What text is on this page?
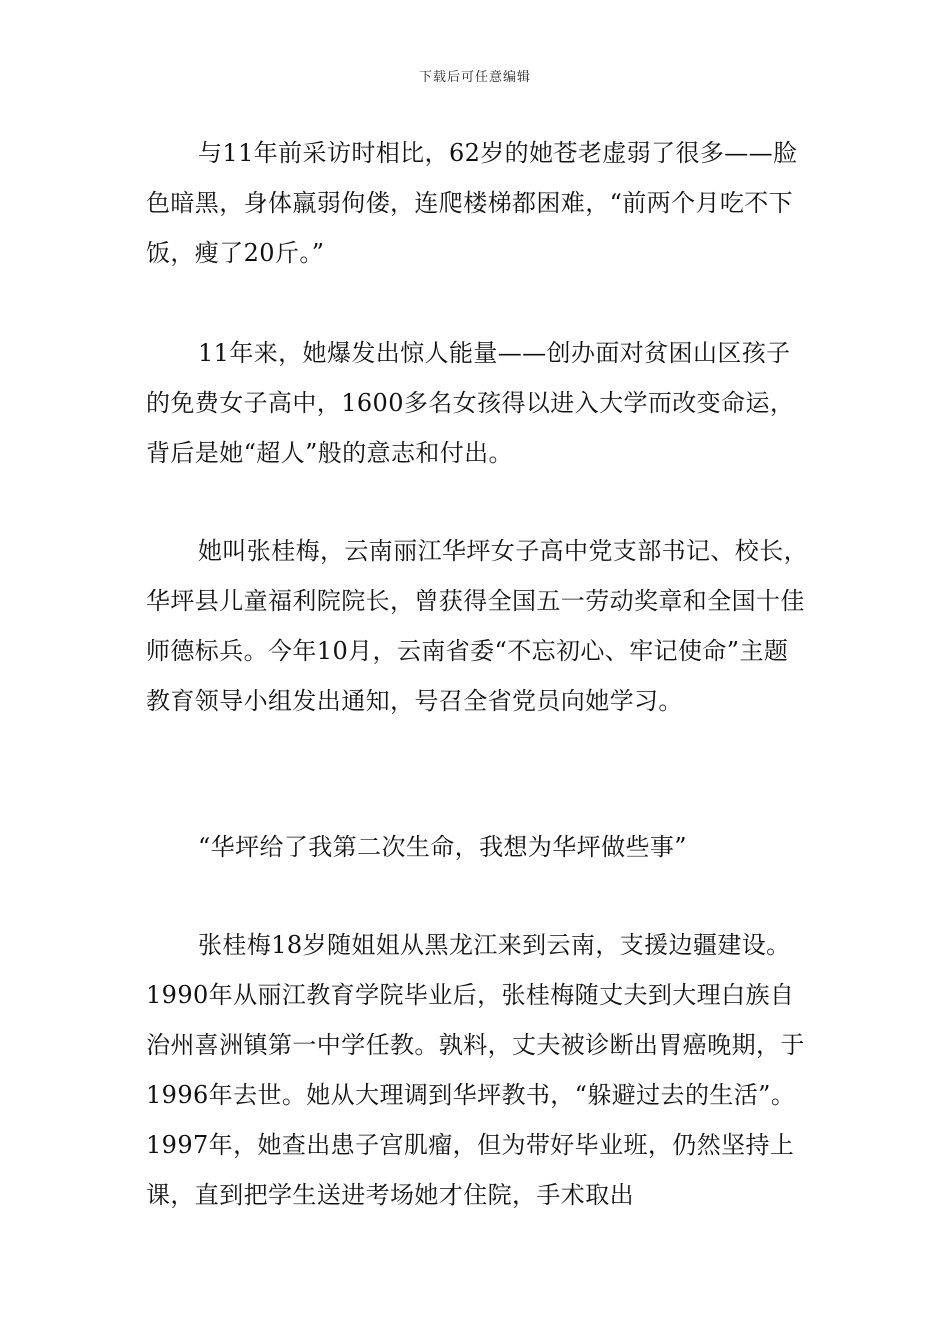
下载后可任意编辑

与11年前采访时相比，62岁的她苍老虚弱了很多——脸色暗黑，身体羸弱佝偻，连爬楼梯都困难，“前两个月吃不下饭，瘦了20斤。”

11年来，她爆发出惊人能量——创办面对贫困山区孩子的免费女子高中，1600多名女孩得以进入大学而改变命运，背后是她“超人”般的意志和付出。

她叫张桂梅，云南丽江华坪女子高中党支部书记、校长，华坪县儿童福利院院长，曾获得全国五一劳动奖章和全国十佳师德标兵。今年10月，云南省委“不忘初心、牢记使命”主题教育领导小组发出通知，号召全省党员向她学习。

“华坪给了我第二次生命，我想为华坪做些事”

张桂梅18岁随姐姐从黑龙江来到云南，支援边疆建设。1990年从丽江教育学院毕业后，张桂梅随丈夫到大理白族自治州喜洲镇第一中学任教。孰料，丈夫被诊断出胃癌晚期，于1996年去世。她从大理调到华坪教书，“躲避过去的生活”。1997年，她查出患子宫肌瘤，但为带好毕业班，仍然坚持上课，直到把学生送进考场她才住院，手术取出
